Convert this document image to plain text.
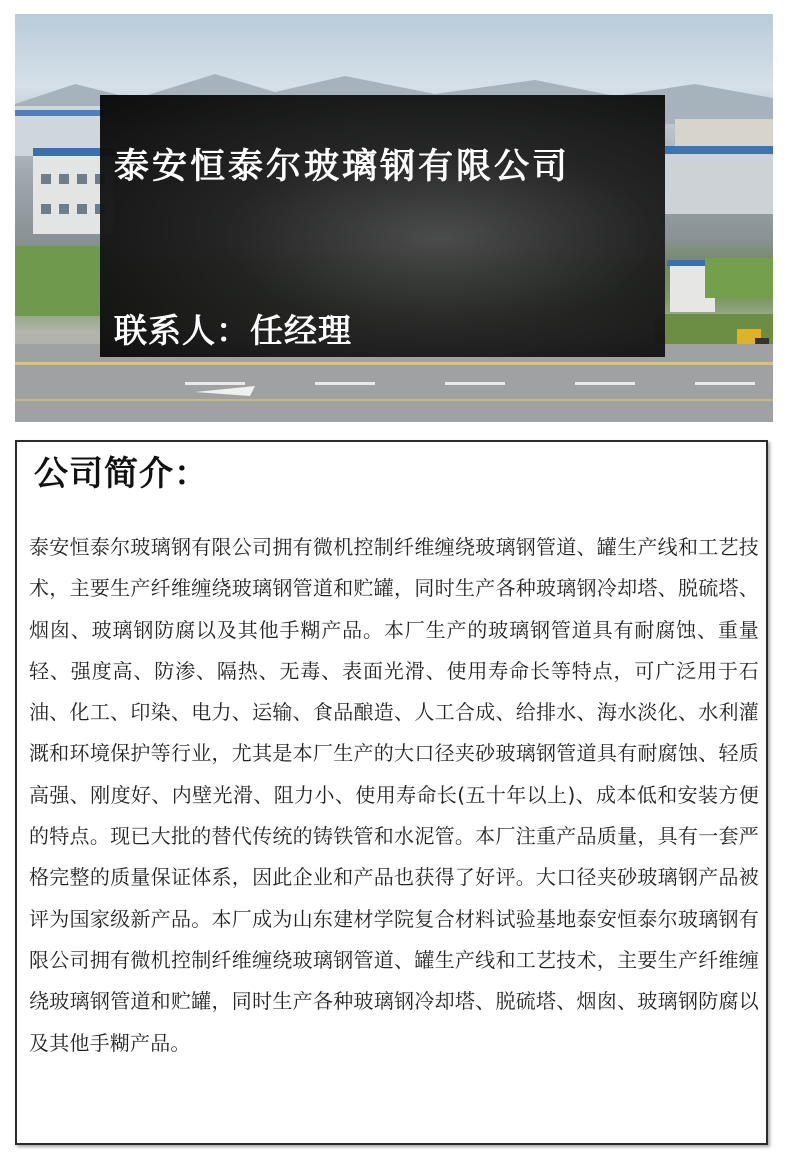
泰安恒泰尔玻璃钢有限公司
联系人：任经理
公司简介：
泰安恒泰尔玻璃钢有限公司拥有微机控制纤维缠绕玻璃钢管道、罐生产线和工艺技术，主要生产纤维缠绕玻璃钢管道和贮罐，同时生产各种玻璃钢冷却塔、脱硫塔、烟囱、玻璃钢防腐以及其他手糊产品。本厂生产的玻璃钢管道具有耐腐蚀、重量轻、强度高、防渗、隔热、无毒、表面光滑、使用寿命长等特点，可广泛用于石油、化工、印染、电力、运输、食品酿造、人工合成、给排水、海水淡化、水利灌溉和环境保护等行业，尤其是本厂生产的大口径夹砂玻璃钢管道具有耐腐蚀、轻质高强、刚度好、内壁光滑、阻力小、使用寿命长(五十年以上)、成本低和安装方便的特点。现已大批的替代传统的铸铁管和水泥管。本厂注重产品质量，具有一套严格完整的质量保证体系，因此企业和产品也获得了好评。大口径夹砂玻璃钢产品被评为国家级新产品。本厂成为山东建材学院复合材料试验基地泰安恒泰尔玻璃钢有限公司拥有微机控制纤维缠绕玻璃钢管道、罐生产线和工艺技术，主要生产纤维缠绕玻璃钢管道和贮罐，同时生产各种玻璃钢冷却塔、脱硫塔、烟囱、玻璃钢防腐以及其他手糊产品。
